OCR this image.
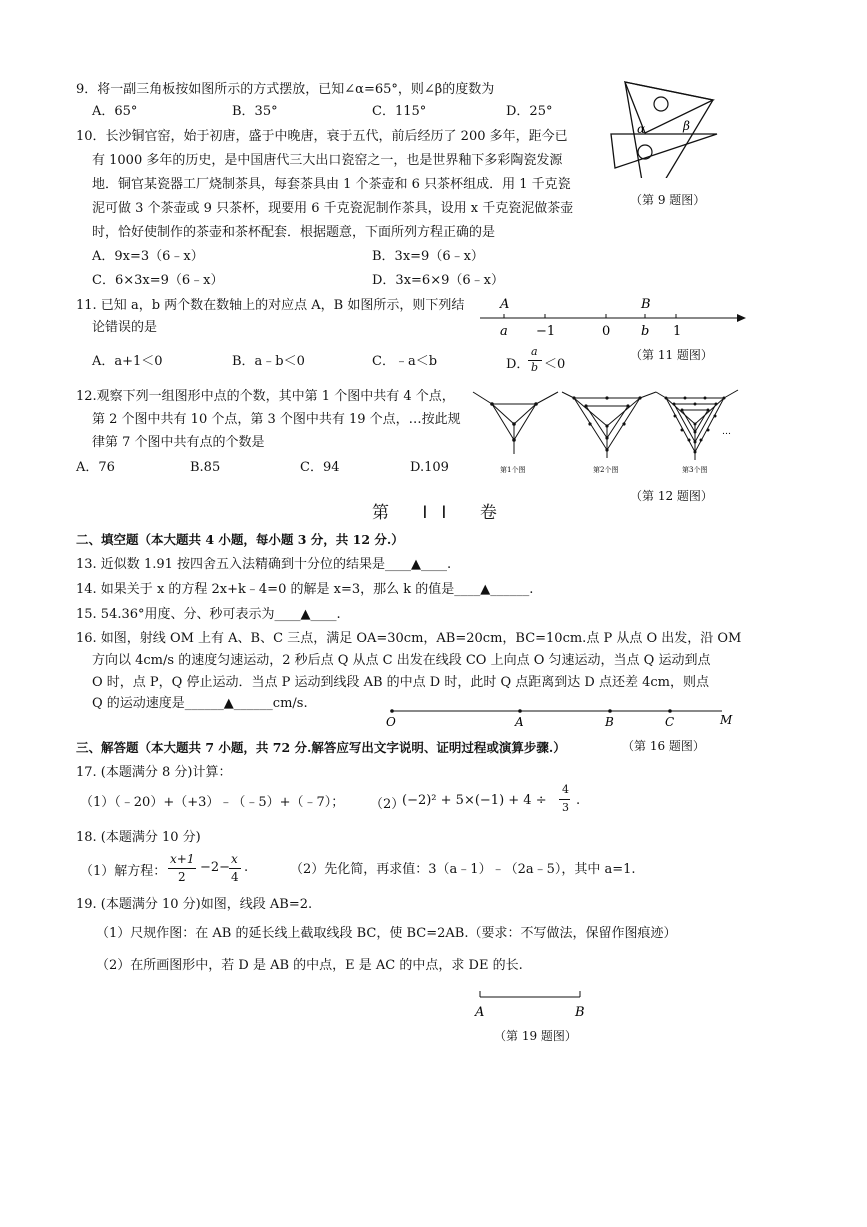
9．将一副三角板按如图所示的方式摆放，已知∠α=65°，则∠β的度数为
A．65°	B．35°	C．115°	D．25°
α	β
（第 9 题图）
10．长沙铜官窑，始于初唐，盛于中晚唐，衰于五代，前后经历了 200 多年，距今已
有 1000 多年的历史，是中国唐代三大出口瓷窑之一，也是世界釉下多彩陶瓷发源
地．铜官某瓷器工厂烧制茶具，每套茶具由 1 个茶壶和 6 只茶杯组成．用 1 千克瓷
泥可做 3 个茶壶或 9 只茶杯，现要用 6 千克瓷泥制作茶具，设用 x 千克瓷泥做茶壶
时，恰好使制作的茶壶和茶杯配套．根据题意，下面所列方程正确的是
A．9x=3（6﹣x）	B．3x=9（6﹣x）
C．6×3x=9（6﹣x）	D．3x=6×9（6﹣x）
11. 已知 a，b 两个数在数轴上的对应点 A，B 如图所示，则下列结
论错误的是
A．a+1＜0	B．a﹣b＜0	C．﹣a＜b	D．
a
b ＜0
A	B
a −1	0 b 1
（第 11 题图）
12.观察下列一组图形中点的个数，其中第 1 个图中共有 4 个点，
第 2 个图中共有 10 个点，第 3 个图中共有 19 个点，…按此规
律第 7 个图中共有点的个数是
A．76	B.85	C．94	D.109	第1个图	第2个图
…
第3个图
（第 12 题图）
第 II 卷
二、填空题（本大题共 4 小题，每小题 3 分，共 12 分.）
13. 近似数 1.91 按四舍五入法精确到十分位的结果是____▲____.
14. 如果关于 x 的方程 2x+k﹣4=0 的解是 x=3，那么 k 的值是____▲______.
15. 54.36°用度、分、秒可表示为____▲____.
16. 如图，射线 OM 上有 A、B、C 三点，满足 OA=30cm，AB=20cm，BC=10cm.点 P 从点 O 出发，沿 OM
方向以 4cm/s 的速度匀速运动，2 秒后点 Q 从点 C 出发在线段 CO 上向点 O 匀速运动，当点 Q 运动到点
O 时，点 P，Q 停止运动．当点 P 运动到线段 AB 的中点 D 时，此时 Q 点距离到达 D 点还差 4cm，则点
Q 的运动速度是______▲______cm/s.
O	A	B	C	M
三、解答题（本大题共 7 小题，共 72 分.解答应写出文字说明、证明过程或演算步骤.）	（第 16 题图）
17. (本题满分 8 分)计算：
（1）（﹣20）+（+3）﹣（﹣5）+（﹣7）； （2）
(−2)² + 5×(−1) + 4 ÷
4
3 .
18. (本题满分 10 分)
（1）解方程：
x+1
2
−2−
x
4
.	（2）先化简，再求值：3（a﹣1）﹣（2a﹣5），其中 a=1.
19. (本题满分 10 分)如图，线段 AB=2.
（1）尺规作图：在 AB 的延长线上截取线段 BC，使 BC=2AB.（要求：不写做法，保留作图痕迹）
（2）在所画图形中，若 D 是 AB 的中点，E 是 AC 的中点，求 DE 的长.
A	B
（第 19 题图）
